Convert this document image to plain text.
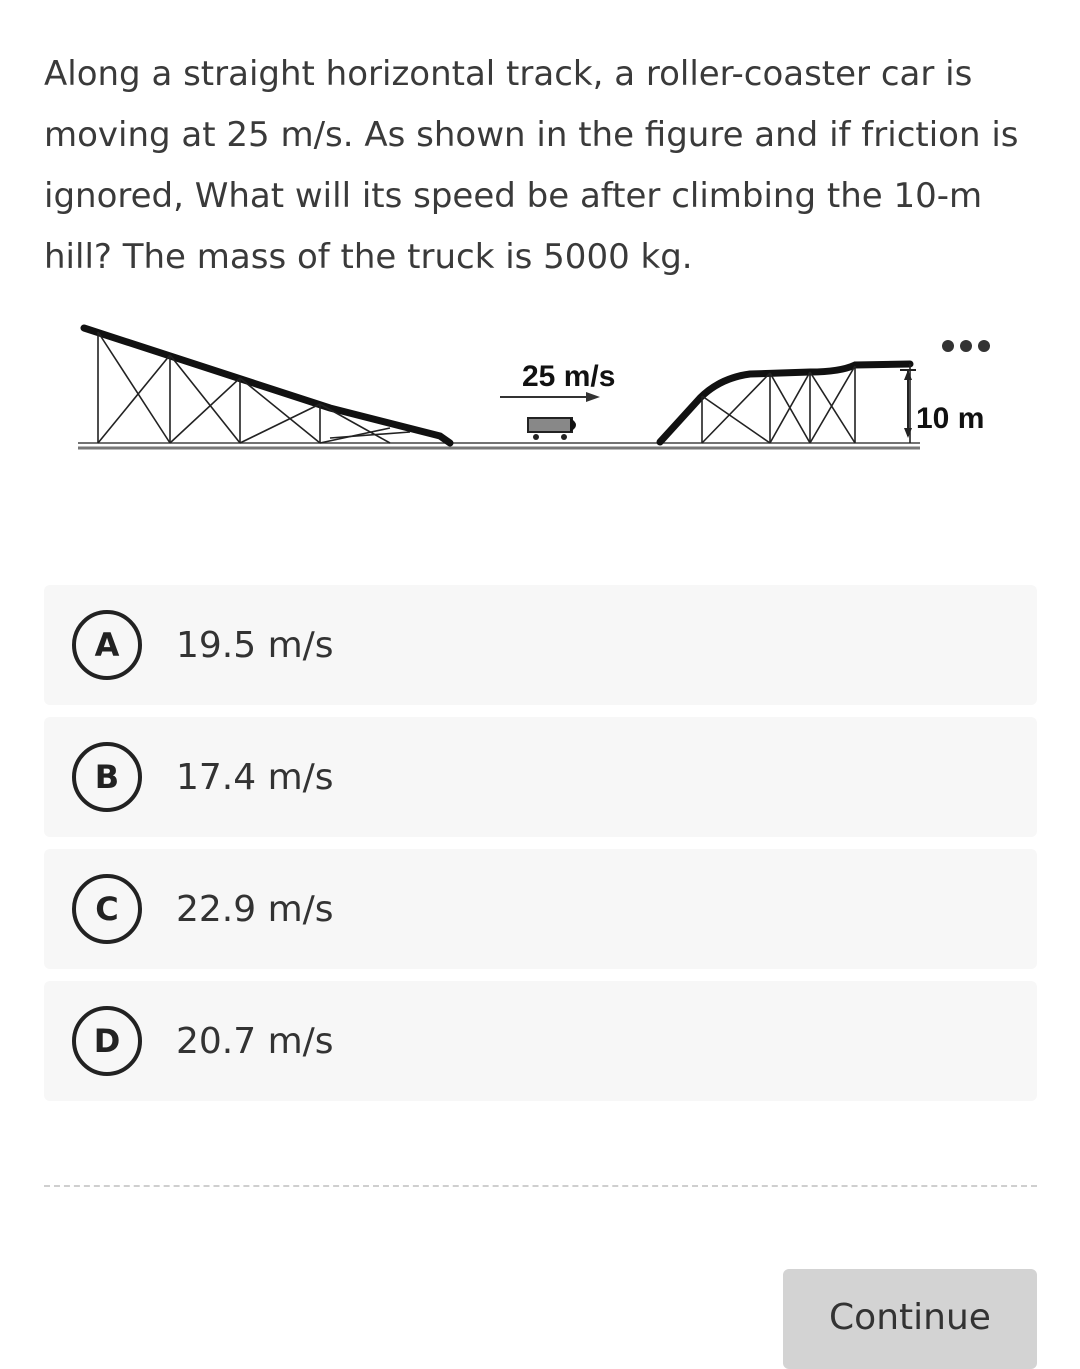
Along a straight horizontal track, a roller-coaster car is moving at 25 m/s. As shown in the figure and if friction is ignored, What will its speed be after climbing the 10-m hill? The mass of the truck is 5000 kg.

25 m/s
10 m
A	19.5 m/s
B	17.4 m/s
C	22.9 m/s
D	20.7 m/s
Continue
